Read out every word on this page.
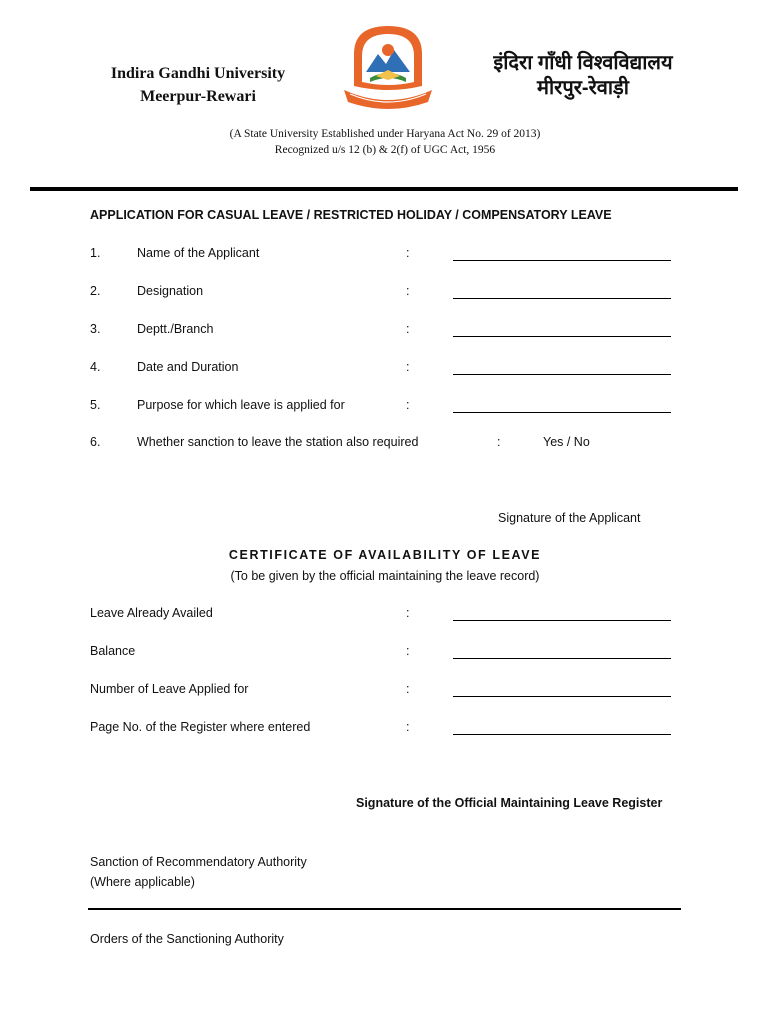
Indira Gandhi University
Meerpur-Rewari
इंदिरा गाँधी विश्वविद्यालय
मीरपुर-रेवाड़ी
(A State University Established under Haryana Act No. 29 of 2013)
Recognized u/s 12 (b) & 2(f) of UGC Act, 1956
APPLICATION FOR CASUAL LEAVE / RESTRICTED HOLIDAY / COMPENSATORY LEAVE
1.	Name of the Applicant	:
2.	Designation	:
3.	Deptt./Branch	:
4.	Date and Duration	:
5.	Purpose for which leave is applied for	:
6.	Whether sanction to leave the station also required	:	Yes / No
Signature of the Applicant
CERTIFICATE OF AVAILABILITY OF LEAVE
(To be given by the official maintaining the leave record)
Leave Already Availed	:
Balance	:
Number of Leave Applied for	:
Page No. of the Register where entered	:
Signature of the Official Maintaining Leave Register
Sanction of Recommendatory Authority
(Where applicable)
Orders of the Sanctioning Authority
